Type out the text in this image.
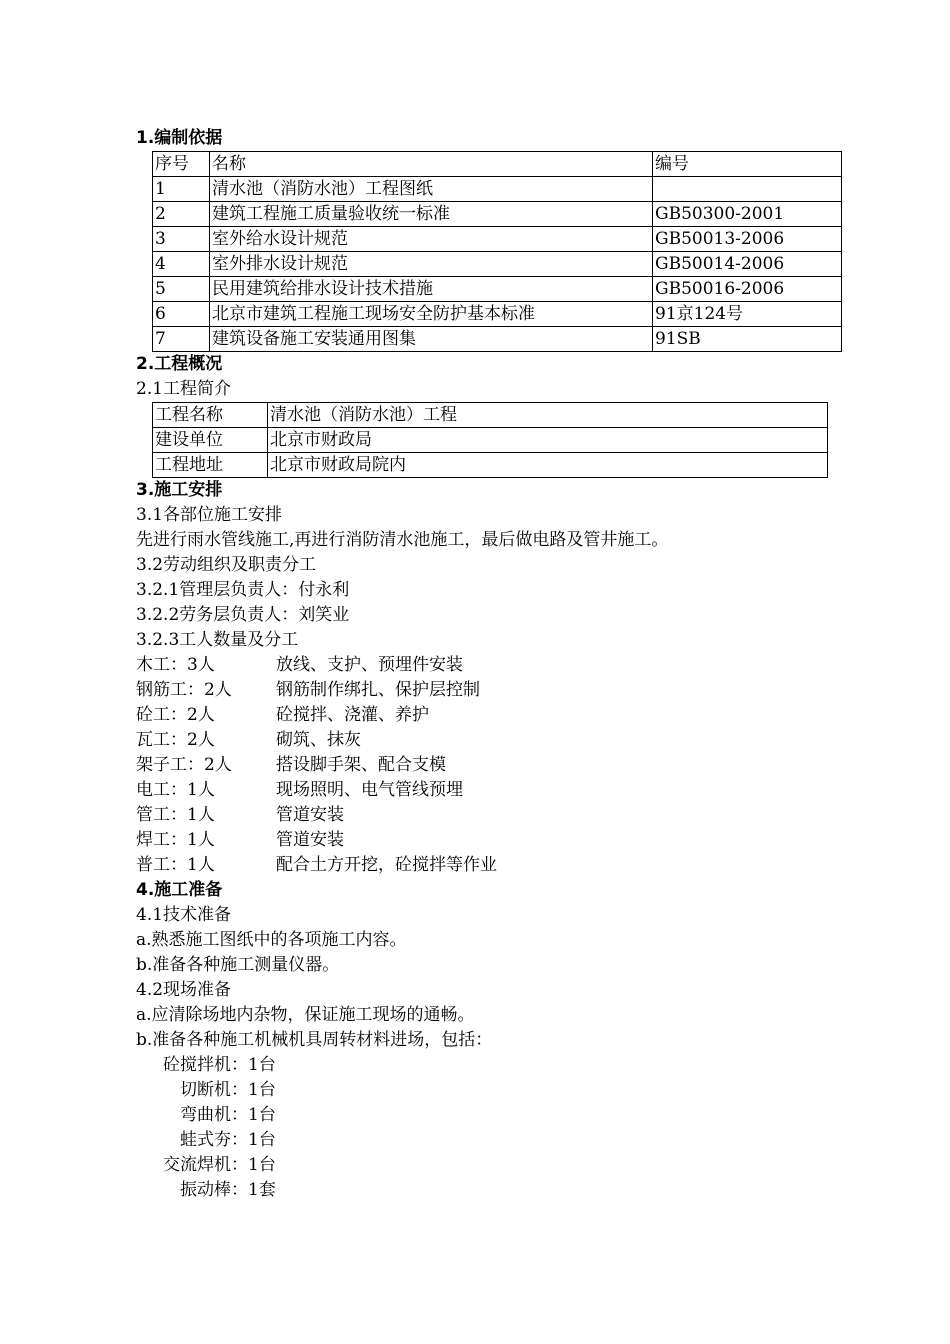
1.编制依据
序号	名称	编号
1	清水池（消防水池）工程图纸	
2	建筑工程施工质量验收统一标准	GB50300-2001
3	室外给水设计规范	GB50013-2006
4	室外排水设计规范	GB50014-2006
5	民用建筑给排水设计技术措施	GB50016-2006
6	北京市建筑工程施工现场安全防护基本标准	91京124号
7	建筑设备施工安装通用图集	91SB
2.工程概况
2.1工程简介
工程名称	清水池（消防水池）工程
建设单位	北京市财政局
工程地址	北京市财政局院内
3.施工安排
3.1各部位施工安排
先进行雨水管线施工,再进行消防清水池施工，最后做电路及管井施工。
3.2劳动组织及职责分工
3.2.1管理层负责人：付永利
3.2.2劳务层负责人：刘笑业
3.2.3工人数量及分工
木工：3人	放线、支护、预埋件安装
钢筋工：2人	钢筋制作绑扎、保护层控制
砼工：2人	砼搅拌、浇灌、养护
瓦工：2人	砌筑、抹灰
架子工：2人	搭设脚手架、配合支模
电工：1人	现场照明、电气管线预埋
管工：1人	管道安装
焊工：1人	管道安装
普工：1人	配合土方开挖，砼搅拌等作业
4.施工准备
4.1技术准备
a.熟悉施工图纸中的各项施工内容。
b.准备各种施工测量仪器。
4.2现场准备
a.应清除场地内杂物，保证施工现场的通畅。
b.准备各种施工机械机具周转材料进场，包括：
砼搅拌机：1台
切断机：1台
弯曲机：1台
蛙式夯：1台
交流焊机：1台
振动棒：1套
